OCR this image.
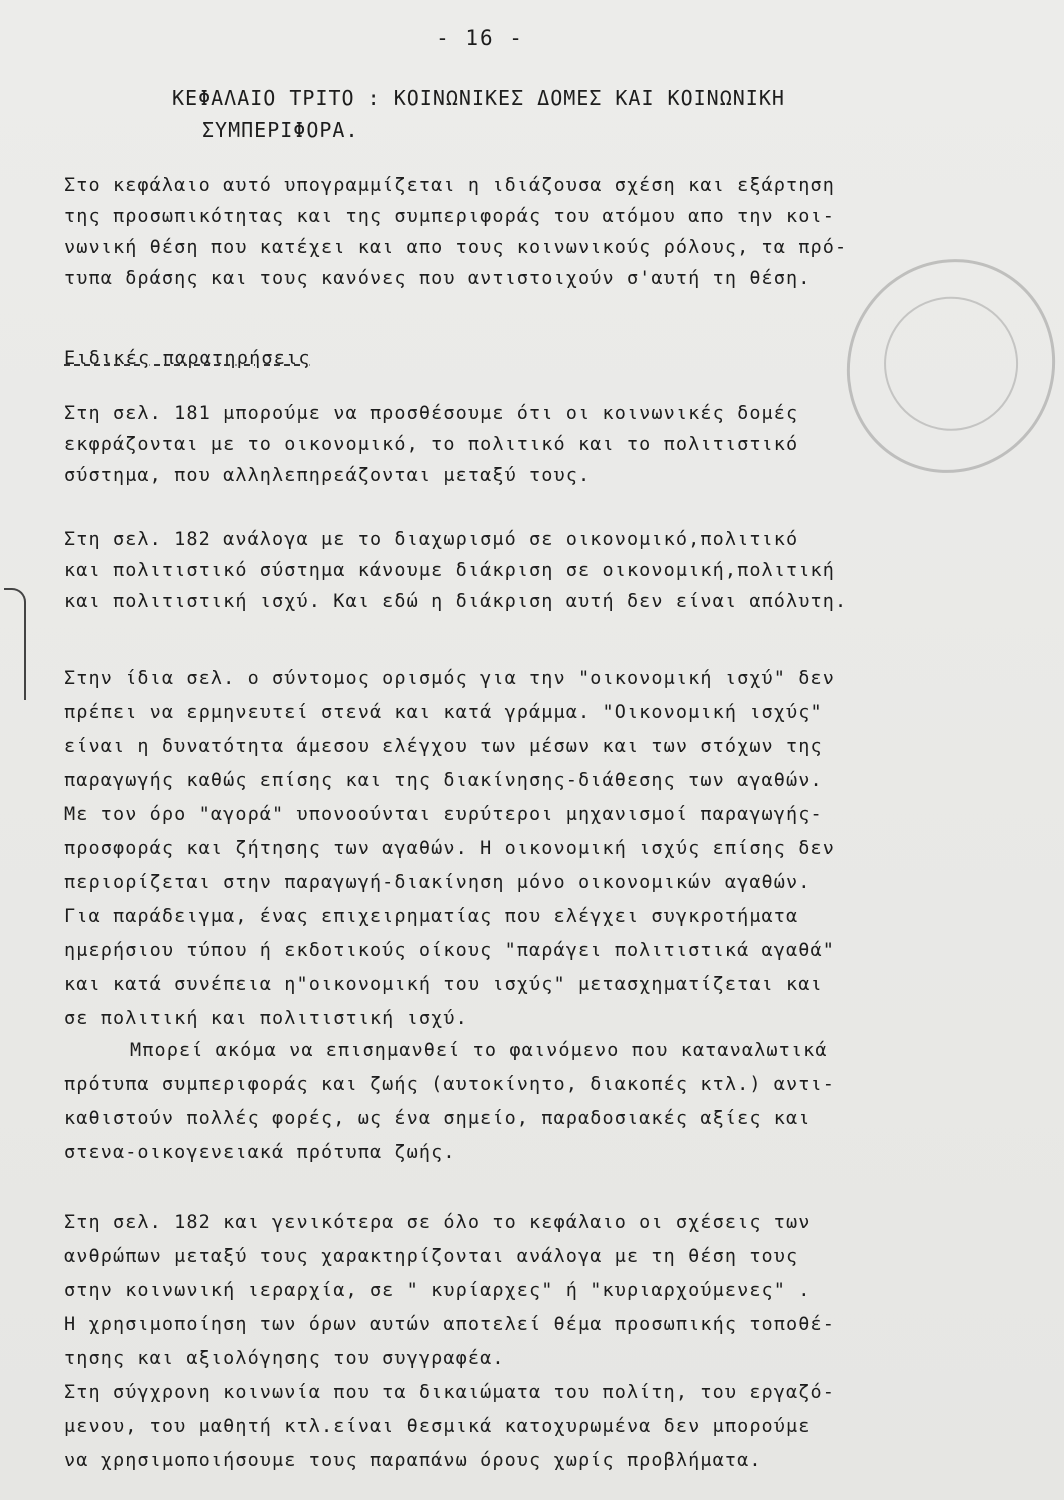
- 16 -
ΚΕΦΑΛΑΙΟ ΤΡΙΤΟ : ΚΟΙΝΩΝΙΚΕΣ ΔΟΜΕΣ ΚΑΙ ΚΟΙΝΩΝΙΚΗ
ΣΥΜΠΕΡΙΦΟΡΑ.
Στο κεφάλαιο αυτό υπογραμμίζεται η ιδιάζουσα σχέση και εξάρτηση
της προσωπικότητας και της συμπεριφοράς του ατόμου απο την κοι-
νωνική θέση που κατέχει και απο τους κοινωνικούς ρόλους, τα πρό-
τυπα δράσης και τους κανόνες που αντιστοιχούν σ'αυτή τη θέση.
Ειδικές παρατηρήσεις
Στη σελ. 181 μπορούμε να προσθέσουμε ότι οι κοινωνικές δομές
εκφράζονται με το οικονομικό, το πολιτικό και το πολιτιστικό
σύστημα, που αλληλεπηρεάζονται μεταξύ τους.
Στη σελ. 182 ανάλογα με το διαχωρισμό σε οικονομικό,πολιτικό
και πολιτιστικό σύστημα κάνουμε διάκριση σε οικονομική,πολιτική
και πολιτιστική ισχύ. Και εδώ η διάκριση αυτή δεν είναι απόλυτη.
Στην ίδια σελ. ο σύντομος ορισμός για την "οικονομική ισχύ" δεν
πρέπει να ερμηνευτεί στενά και κατά γράμμα. "Οικονομική ισχύς"
είναι η δυνατότητα άμεσου ελέγχου των μέσων και των στόχων της
παραγωγής καθώς επίσης και της διακίνησης-διάθεσης των αγαθών.
Με τον όρο "αγορά" υπονοούνται ευρύτεροι μηχανισμοί παραγωγής-
προσφοράς και ζήτησης των αγαθών. Η οικονομική ισχύς επίσης δεν
περιορίζεται στην παραγωγή-διακίνηση μόνο οικονομικών αγαθών.
Για παράδειγμα, ένας επιχειρηματίας που ελέγχει συγκροτήματα
ημερήσιου τύπου ή εκδοτικούς οίκους "παράγει πολιτιστικά αγαθά"
και κατά συνέπεια η"οικονομική του ισχύς" μετασχηματίζεται και
σε πολιτική και πολιτιστική ισχύ.
Μπορεί ακόμα να επισημανθεί το φαινόμενο που καταναλωτικά
πρότυπα συμπεριφοράς και ζωής (αυτοκίνητο, διακοπές κτλ.) αντι-
καθιστούν πολλές φορές, ως ένα σημείο, παραδοσιακές αξίες και
στενα-οικογενειακά πρότυπα ζωής.
Στη σελ. 182 και γενικότερα σε όλο το κεφάλαιο οι σχέσεις των
ανθρώπων μεταξύ τους χαρακτηρίζονται ανάλογα με τη θέση τους
στην κοινωνική ιεραρχία, σε " κυρίαρχες" ή "κυριαρχούμενες" .
Η χρησιμοποίηση των όρων αυτών αποτελεί θέμα προσωπικής τοποθέ-
τησης και αξιολόγησης του συγγραφέα.
Στη σύγχρονη κοινωνία που τα δικαιώματα του πολίτη, του εργαζό-
μενου, του μαθητή κτλ.είναι θεσμικά κατοχυρωμένα δεν μπορούμε
να χρησιμοποιήσουμε τους παραπάνω όρους χωρίς προβλήματα.
